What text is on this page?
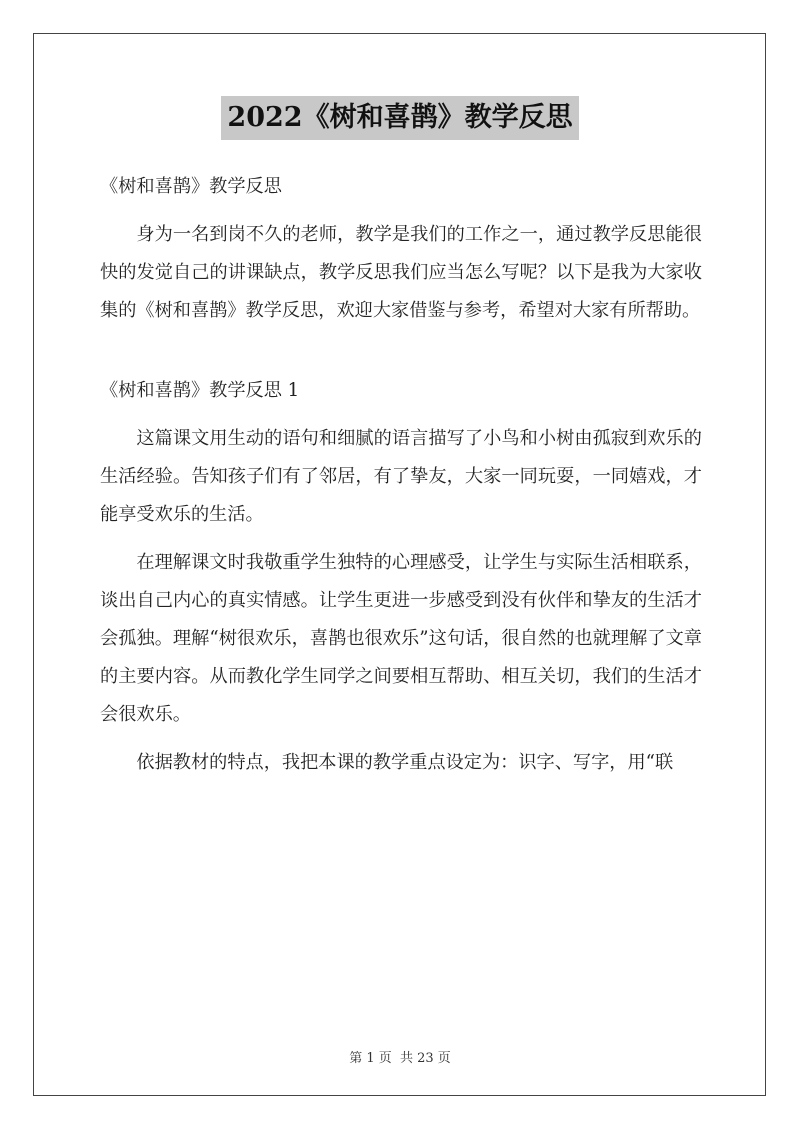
2022《树和喜鹊》教学反思

《树和喜鹊》教学反思

身为一名到岗不久的老师，教学是我们的工作之一，通过教学反思能很快的发觉自己的讲课缺点，教学反思我们应当怎么写呢？以下是我为大家收集的《树和喜鹊》教学反思，欢迎大家借鉴与参考，希望对大家有所帮助。

《树和喜鹊》教学反思 1

这篇课文用生动的语句和细腻的语言描写了小鸟和小树由孤寂到欢乐的生活经验。告知孩子们有了邻居，有了挚友，大家一同玩耍，一同嬉戏，才能享受欢乐的生活。

在理解课文时我敬重学生独特的心理感受，让学生与实际生活相联系，谈出自己内心的真实情感。让学生更进一步感受到没有伙伴和挚友的生活才会孤独。理解“树很欢乐，喜鹊也很欢乐”这句话，很自然的也就理解了文章的主要内容。从而教化学生同学之间要相互帮助、相互关切，我们的生活才会很欢乐。

依据教材的特点，我把本课的教学重点设定为：识字、写字，用“联

第 1 页 共 23 页
